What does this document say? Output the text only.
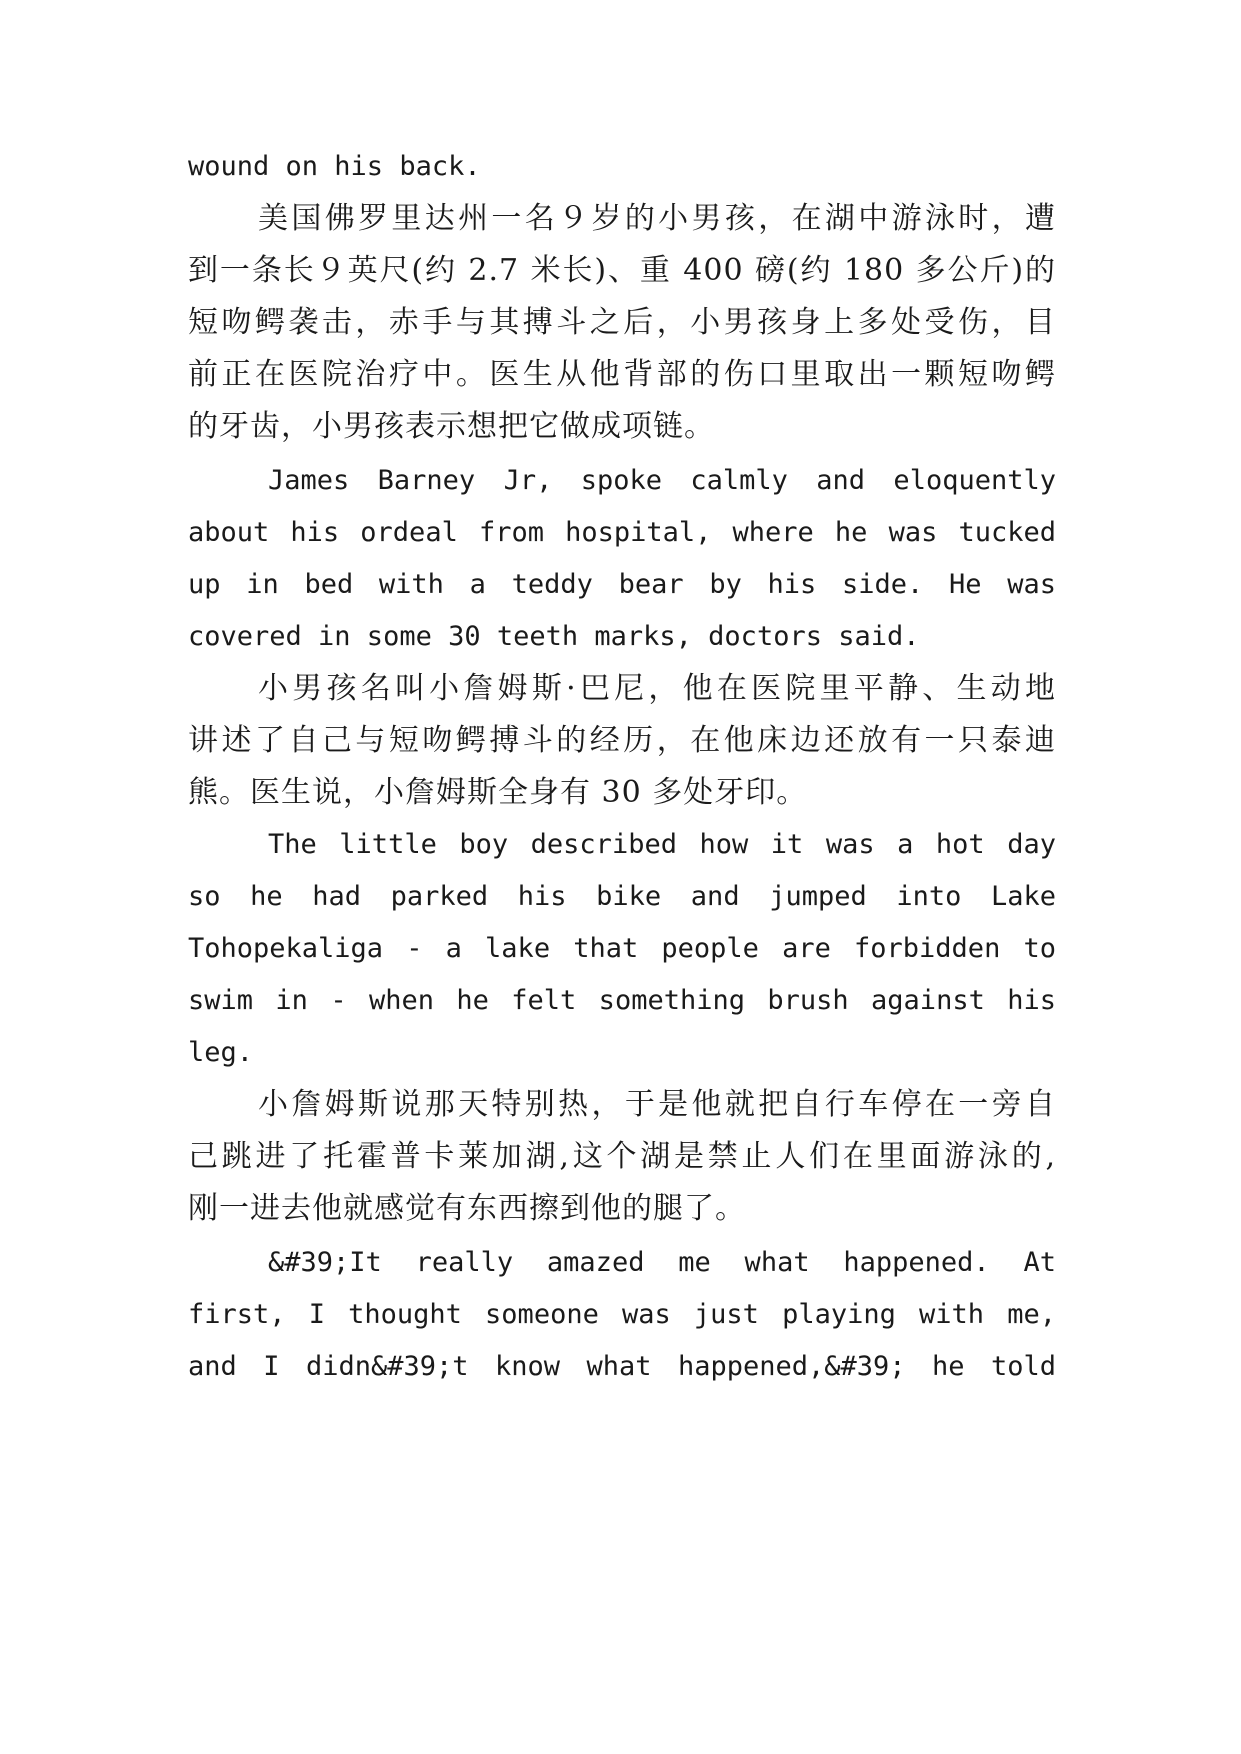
wound on his back.
美国佛罗里达州一名９岁的小男孩，在湖中游泳时，遭
到一条长９英尺(约 2.7 米长)、重 400 磅(约 180 多公斤)的
短吻鳄袭击，赤手与其搏斗之后，小男孩身上多处受伤，目
前正在医院治疗中。医生从他背部的伤口里取出一颗短吻鳄
的牙齿，小男孩表示想把它做成项链。
James Barney Jr, spoke calmly and eloquently
about his ordeal from hospital, where he was tucked
up in bed with a teddy bear by his side. He was
covered in some 30 teeth marks, doctors said.
小男孩名叫小詹姆斯·巴尼，他在医院里平静、生动地
讲述了自己与短吻鳄搏斗的经历，在他床边还放有一只泰迪
熊。医生说，小詹姆斯全身有 30 多处牙印。
The little boy described how it was a hot day
so he had parked his bike and jumped into Lake
Tohopekaliga - a lake that people are forbidden to
swim in - when he felt something brush against his
leg.
小詹姆斯说那天特别热，于是他就把自行车停在一旁自
己跳进了托霍普卡莱加湖,这个湖是禁止人们在里面游泳的,
刚一进去他就感觉有东西擦到他的腿了。
&#39;It really amazed me what happened. At
first, I thought someone was just playing with me,
and I didn&#39;t know what happened,&#39; he told
